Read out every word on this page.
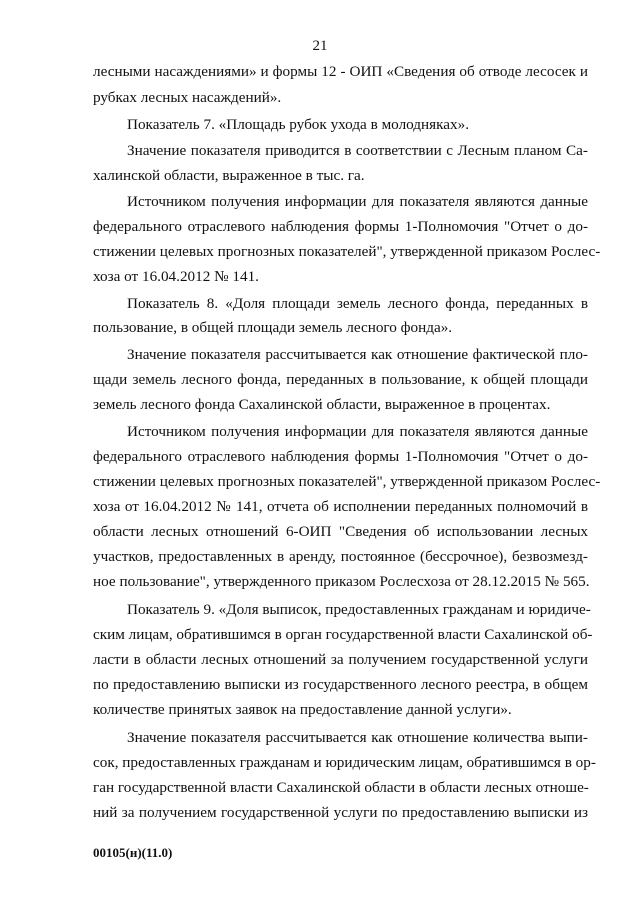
21
лесными насаждениями» и формы 12 - ОИП «Сведения об отводе лесосек и
рубках лесных насаждений».
Показатель 7. «Площадь рубок ухода в молодняках».
Значение показателя приводится в соответствии с Лесным планом Са-
халинской области, выраженное в тыс. га.
Источником получения информации для показателя являются данные
федерального отраслевого наблюдения формы 1-Полномочия "Отчет о до-
стижении целевых прогнозных показателей", утвержденной приказом Рослес-
хоза от 16.04.2012 № 141.
Показатель 8. «Доля площади земель лесного фонда, переданных в
пользование, в общей площади земель лесного фонда».
Значение показателя рассчитывается как отношение фактической пло-
щади земель лесного фонда, переданных в пользование, к общей площади
земель лесного фонда Сахалинской области, выраженное в процентах.
Источником получения информации для показателя являются данные
федерального отраслевого наблюдения формы 1-Полномочия "Отчет о до-
стижении целевых прогнозных показателей", утвержденной приказом Рослес-
хоза от 16.04.2012 № 141, отчета об исполнении переданных полномочий в
области лесных отношений 6-ОИП "Сведения об использовании лесных
участков, предоставленных в аренду, постоянное (бессрочное), безвозмезд-
ное пользование", утвержденного приказом Рослесхоза от 28.12.2015 № 565.
Показатель 9. «Доля выписок, предоставленных гражданам и юридиче-
ским лицам, обратившимся в орган государственной власти Сахалинской об-
ласти в области лесных отношений за получением государственной услуги
по предоставлению выписки из государственного лесного реестра, в общем
количестве принятых заявок на предоставление данной услуги».
Значение показателя рассчитывается как отношение количества выпи-
сок, предоставленных гражданам и юридическим лицам, обратившимся в ор-
ган государственной власти Сахалинской области в области лесных отноше-
ний за получением государственной услуги по предоставлению выписки из
00105(н)(11.0)
